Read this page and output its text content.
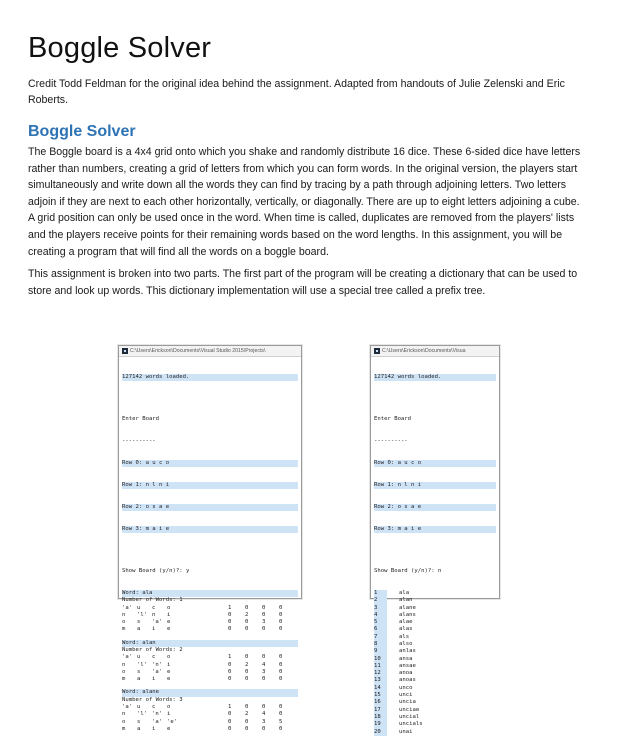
Boggle Solver

Credit Todd Feldman for the original idea behind the assignment. Adapted from handouts of Julie Zelenski and Eric Roberts.

Boggle Solver

The Boggle board is a 4x4 grid onto which you shake and randomly distribute 16 dice. These 6-sided dice have letters rather than numbers, creating a grid of letters from which you can form words. In the original version, the players start simultaneously and write down all the words they can find by tracing by a path through adjoining letters. Two letters adjoin if they are next to each other horizontally, vertically, or diagonally. There are up to eight letters adjoining a cube. A grid position can only be used once in the word. When time is called, duplicates are removed from the players' lists and the players receive points for their remaining words based on the word lengths. In this assignment, you will be creating a program that will find all the words on a boggle board.

This assignment is broken into two parts. The first part of the program will be creating a dictionary that can be used to store and look up words. This dictionary implementation will use a special tree called a prefix tree.

C:\Users\Erickson\Documents\Visual Studio 2015\Projects\

127142 words loaded.

Enter Board

----------

Row 0: a u c o

Row 1: n l n i

Row 2: o s a e

Row 3: m a i e

Show Board (y/n)?: y

Word: ala
Number of Words: 1
'a' u c o	1 0 0 0
n 'l' n i	0 2 0 0
o s 'a' e	0 0 3 0
m a i e	0 0 0 0
Word: alan
Number of Words: 2
'a' u c o	1 0 0 0
n 'l' 'n' i	0 2 4 0
o s 'a' e	0 0 3 0
m a i e	0 0 0 0
Word: alane
Number of Words: 3
'a' u c o	1 0 0 0
n 'l' 'n' i	0 2 4 0
o s 'a' 'e'	0 0 3 5
m a i e	0 0 0 0

C:\Users\Erickson\Documents\Visua

127142 words loaded.

Enter Board

----------

Row 0: a u c o

Row 1: n l n i

Row 2: o s a e

Row 3: m a i e

Show Board (y/n)?: n

1	ala
2	alan
3	alane
4	alans
5	alae
6	alas
7	als
8	also
9	anlas
10	ansa
11	ansae
12	anoa
13	anoas
14	unco
15	unci
16	uncia
17	unciae
18	uncial
19	uncials
20	unai
